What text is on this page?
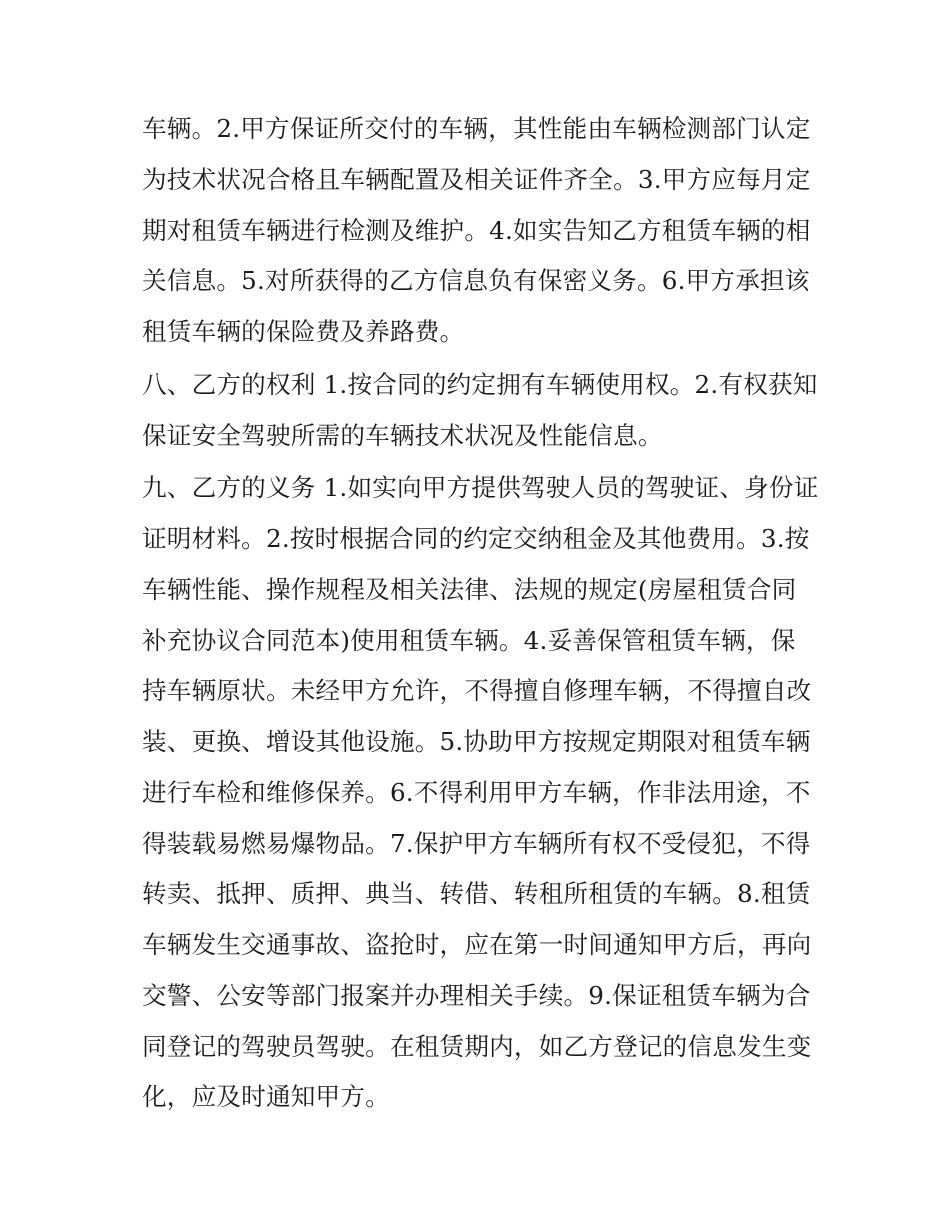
车辆。2.甲方保证所交付的车辆，其性能由车辆检测部门认定
为技术状况合格且车辆配置及相关证件齐全。3.甲方应每月定
期对租赁车辆进行检测及维护。4.如实告知乙方租赁车辆的相
关信息。5.对所获得的乙方信息负有保密义务。6.甲方承担该
租赁车辆的保险费及养路费。

八、乙方的权利 1.按合同的约定拥有车辆使用权。2.有权获知
保证安全驾驶所需的车辆技术状况及性能信息。

九、乙方的义务 1.如实向甲方提供驾驶人员的驾驶证、身份证
证明材料。2.按时根据合同的约定交纳租金及其他费用。3.按
车辆性能、操作规程及相关法律、法规的规定(房屋租赁合同
补充协议合同范本)使用租赁车辆。4.妥善保管租赁车辆，保
持车辆原状。未经甲方允许，不得擅自修理车辆，不得擅自改
装、更换、增设其他设施。5.协助甲方按规定期限对租赁车辆
进行车检和维修保养。6.不得利用甲方车辆，作非法用途，不
得装载易燃易爆物品。7.保护甲方车辆所有权不受侵犯，不得
转卖、抵押、质押、典当、转借、转租所租赁的车辆。8.租赁
车辆发生交通事故、盗抢时，应在第一时间通知甲方后，再向
交警、公安等部门报案并办理相关手续。9.保证租赁车辆为合
同登记的驾驶员驾驶。在租赁期内，如乙方登记的信息发生变
化，应及时通知甲方。
